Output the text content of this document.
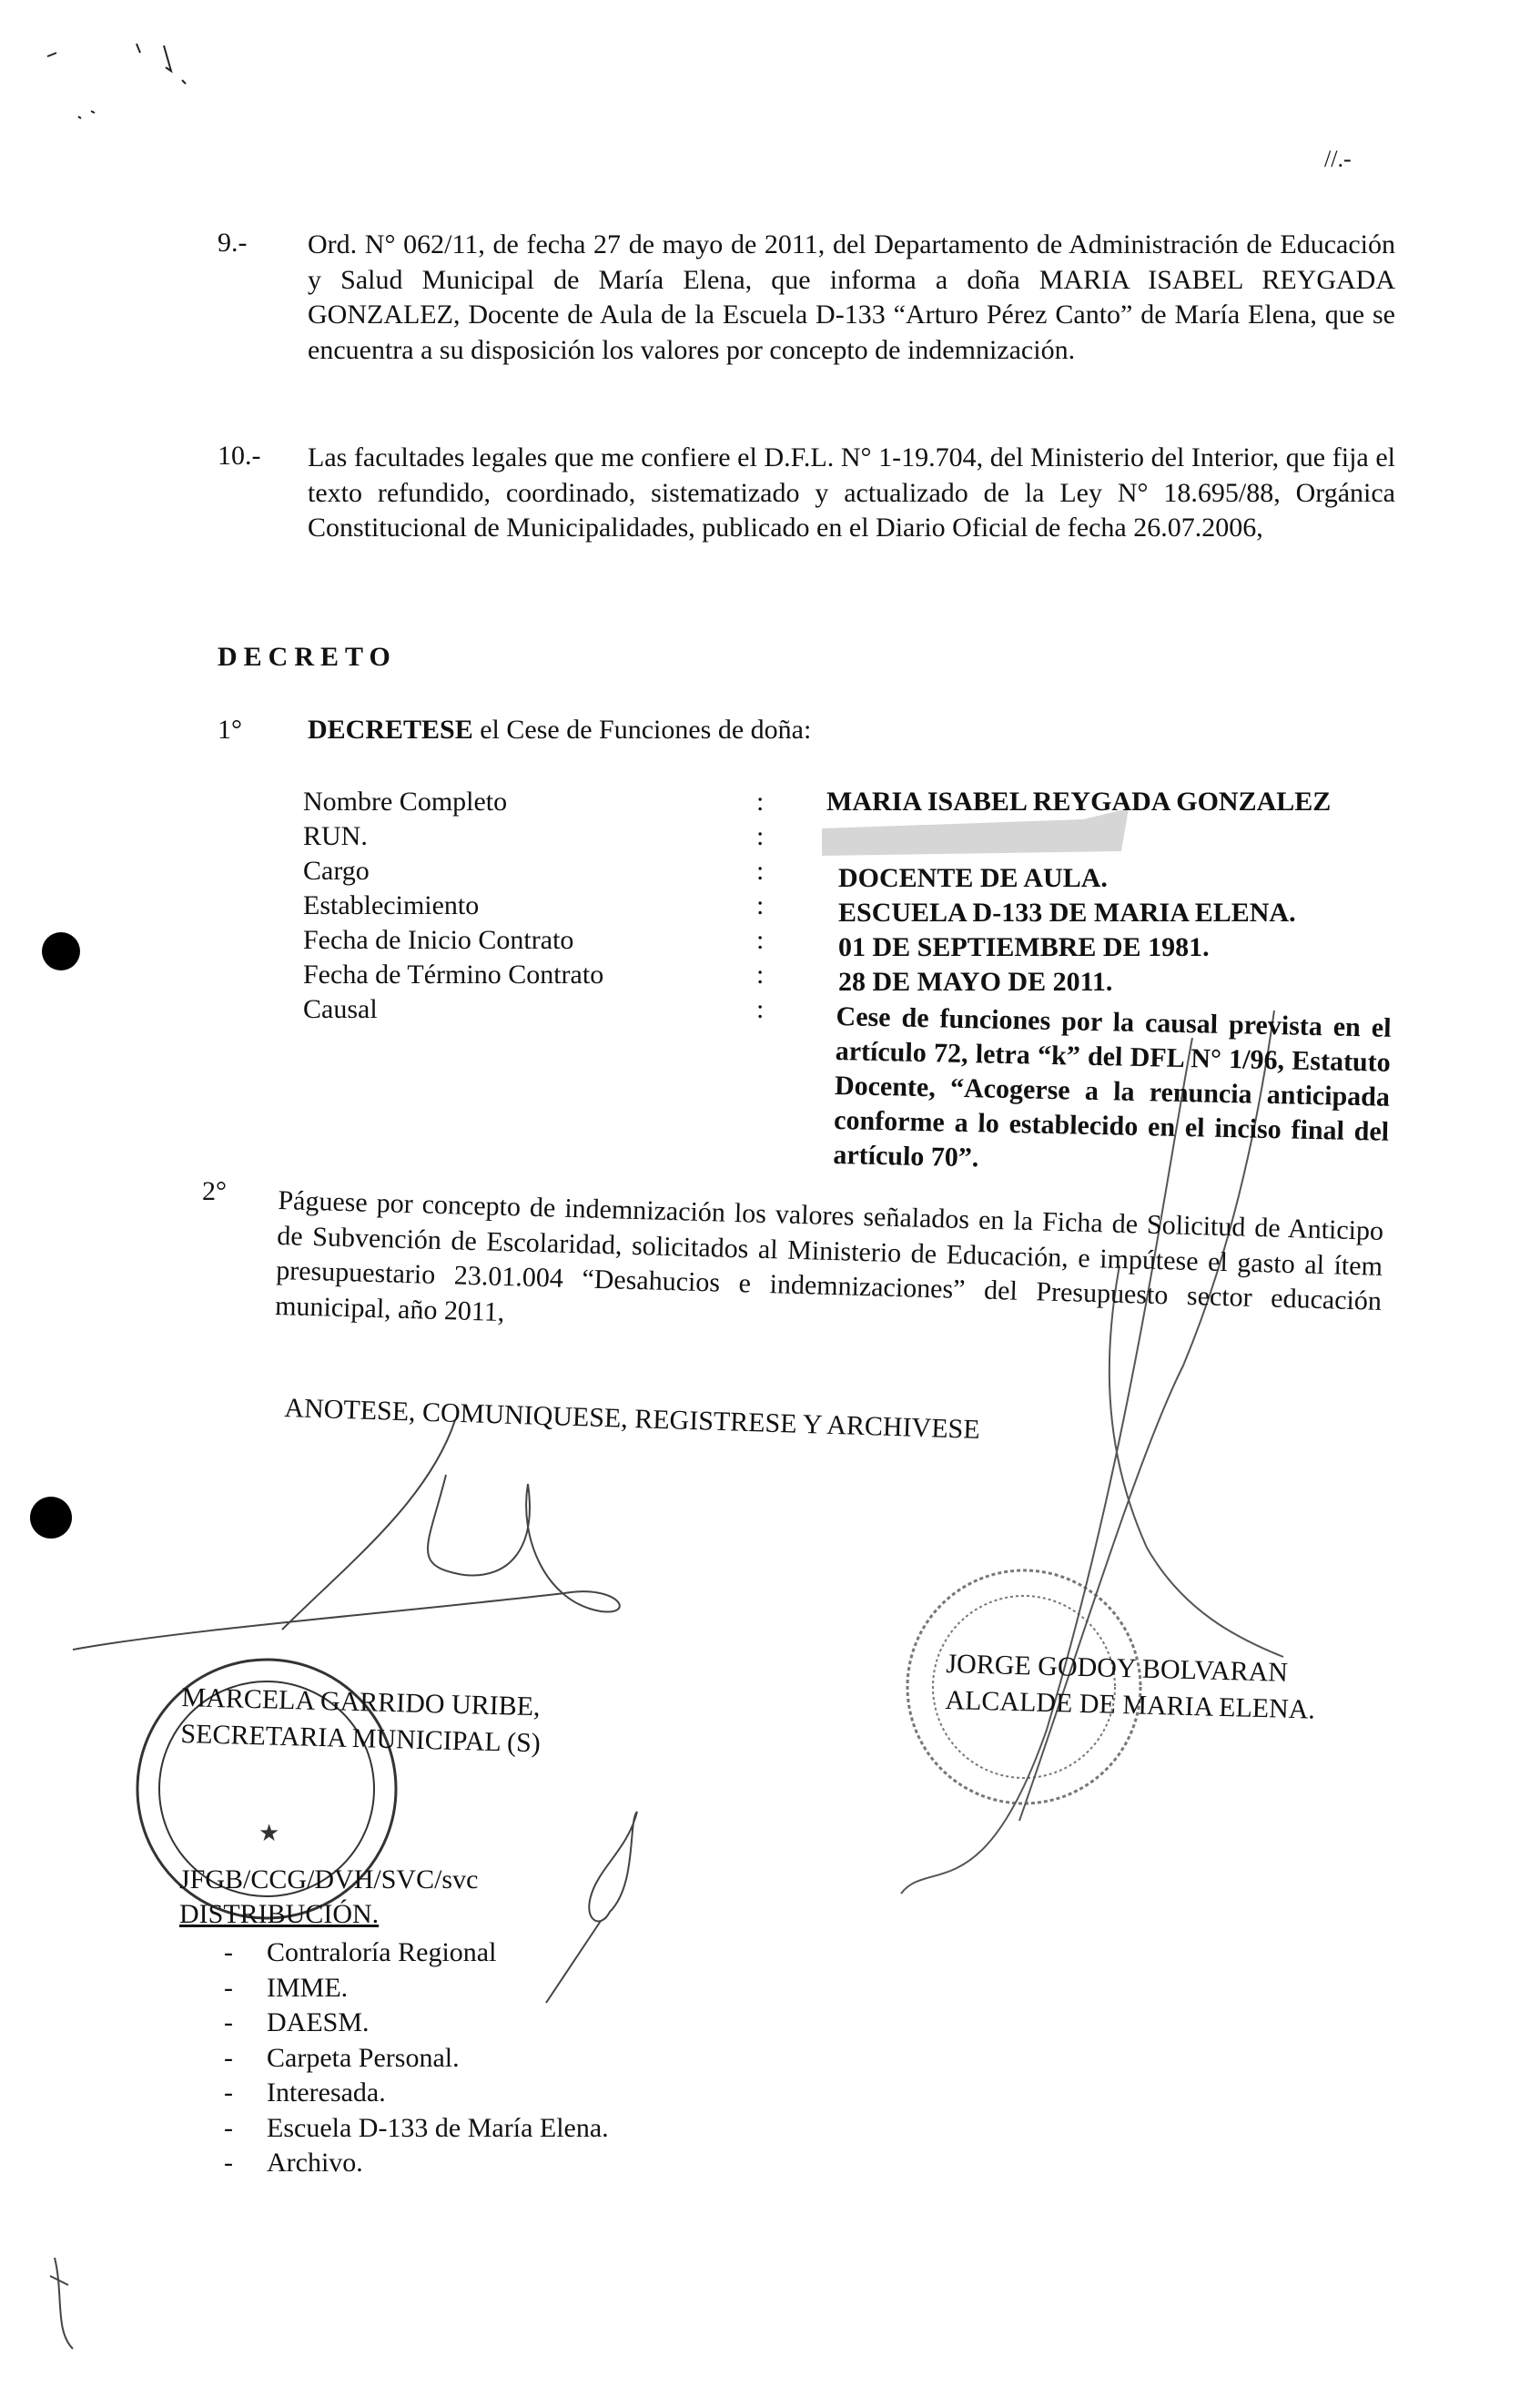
★
//.-
9.- Ord. N° 062/11, de fecha 27 de mayo de 2011, del Departamento de Administración de Educación y Salud Municipal de María Elena, que informa a doña MARIA ISABEL REYGADA GONZALEZ, Docente de Aula de la Escuela D-133 “Arturo Pérez Canto” de María Elena, que se encuentra a su disposición los valores por concepto de indemnización.
10.- Las facultades legales que me confiere el D.F.L. N° 1-19.704, del Ministerio del Interior, que fija el texto refundido, coordinado, sistematizado y actualizado de la Ley N° 18.695/88, Orgánica Constitucional de Municipalidades, publicado en el Diario Oficial de fecha 26.07.2006,
DECRETO
1° DECRETESE el Cese de Funciones de doña:
Nombre Completo	: MARIA ISABEL REYGADA GONZALEZ
RUN.	:
Cargo	:	DOCENTE DE AULA.
Establecimiento	:	ESCUELA D-133 DE MARIA ELENA.
Fecha de Inicio Contrato	:	01 DE SEPTIEMBRE DE 1981.
Fecha de Término Contrato	:	28 DE MAYO DE 2011.
Causal	:	Cese de funciones por la causal prevista en el artículo 72, letra “k” del DFL N° 1/96, Estatuto Docente, “Acogerse a la renuncia anticipada conforme a lo establecido en el inciso final del artículo 70”.
2° Páguese por concepto de indemnización los valores señalados en la Ficha de Solicitud de Anticipo de Subvención de Escolaridad, solicitados al Ministerio de Educación, e impútese el gasto al ítem presupuestario 23.01.004 “Desahucios e indemnizaciones” del Presupuesto sector educación municipal, año 2011,
ANOTESE, COMUNIQUESE, REGISTRESE Y ARCHIVESE
MARCELA GARRIDO URIBE,
SECRETARIA MUNICIPAL (S)
JORGE GODOY BOLVARAN
ALCALDE DE MARIA ELENA.
JFGB/CCG/DVH/SVC/svc
DISTRIBUCIÓN.
- Contraloría Regional
- IMME.
- DAESM.
- Carpeta Personal.
- Interesada.
- Escuela D-133 de María Elena.
- Archivo.
